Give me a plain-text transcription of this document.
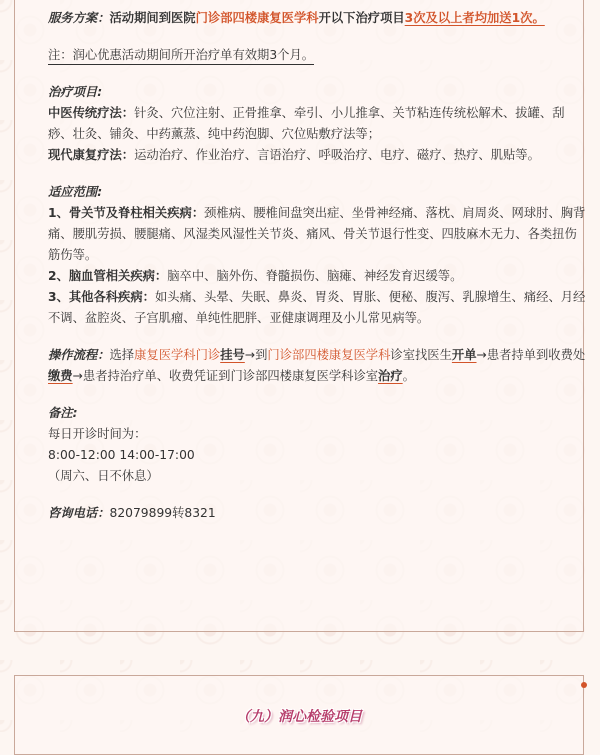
服务方案：活动期间到医院门诊部四楼康复医学科开以下治疗项目3次及以上者均加送1次。

注：润心优惠活动期间所开治疗单有效期3个月。

治疗项目:

中医传统疗法：针灸、穴位注射、正骨推拿、牵引、小儿推拿、关节粘连传统松解术、拔罐、刮痧、壮灸、铺灸、中药薰蒸、纯中药泡脚、穴位贴敷疗法等；

现代康复疗法：运动治疗、作业治疗、言语治疗、呼吸治疗、电疗、磁疗、热疗、肌贴等。

适应范围:

1、骨关节及脊柱相关疾病：颈椎病、腰椎间盘突出症、坐骨神经痛、落枕、肩周炎、网球肘、胸背痛、腰肌劳损、腰腿痛、风湿类风湿性关节炎、痛风、骨关节退行性变、四肢麻木无力、各类扭伤筋伤等。

2、脑血管相关疾病：脑卒中、脑外伤、脊髓损伤、脑瘫、神经发育迟缓等。

3、其他各科疾病：如头痛、头晕、失眠、鼻炎、胃炎、胃胀、便秘、腹泻、乳腺增生、痛经、月经不调、盆腔炎、子宫肌瘤、单纯性肥胖、亚健康调理及小儿常见病等。

操作流程：选择康复医学科门诊挂号→到门诊部四楼康复医学科诊室找医生开单→患者持单到收费处缴费→患者持治疗单、收费凭证到门诊部四楼康复医学科诊室治疗。

备注:

每日开诊时间为：

8:00-12:00 14:00-17:00

（周六、日不休息）

咨询电话：82079899转8321

（九）润心检验项目
